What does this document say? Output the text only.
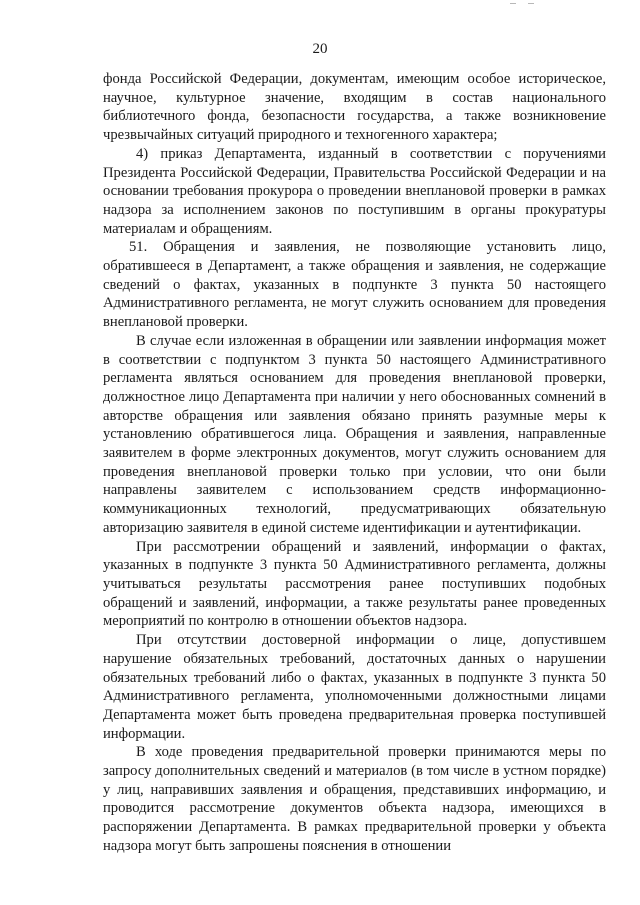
20

фонда Российской Федерации, документам, имеющим особое историческое, научное, культурное значение, входящим в состав национального библиотечного фонда, безопасности государства, а также возникновение чрезвычайных ситуаций природного и техногенного характера;

4) приказ Департамента, изданный в соответствии с поручениями Президента Российской Федерации, Правительства Российской Федерации и на основании требования прокурора о проведении внеплановой проверки в рамках надзора за исполнением законов по поступившим в органы прокуратуры материалам и обращениям.

51. Обращения и заявления, не позволяющие установить лицо, обратившееся в Департамент, а также обращения и заявления, не содержащие сведений о фактах, указанных в подпункте 3 пункта 50 настоящего Административного регламента, не могут служить основанием для проведения внеплановой проверки.

В случае если изложенная в обращении или заявлении информация может в соответствии с подпунктом 3 пункта 50 настоящего Административного регламента являться основанием для проведения внеплановой проверки, должностное лицо Департамента при наличии у него обоснованных сомнений в авторстве обращения или заявления обязано принять разумные меры к установлению обратившегося лица. Обращения и заявления, направленные заявителем в форме электронных документов, могут служить основанием для проведения внеплановой проверки только при условии, что они были направлены заявителем с использованием средств информационно-коммуникационных технологий, предусматривающих обязательную авторизацию заявителя в единой системе идентификации и аутентификации.

При рассмотрении обращений и заявлений, информации о фактах, указанных в подпункте 3 пункта 50 Административного регламента, должны учитываться результаты рассмотрения ранее поступивших подобных обращений и заявлений, информации, а также результаты ранее проведенных мероприятий по контролю в отношении объектов надзора.

При отсутствии достоверной информации о лице, допустившем нарушение обязательных требований, достаточных данных о нарушении обязательных требований либо о фактах, указанных в подпункте 3 пункта 50 Административного регламента, уполномоченными должностными лицами Департамента может быть проведена предварительная проверка поступившей информации.

В ходе проведения предварительной проверки принимаются меры по запросу дополнительных сведений и материалов (в том числе в устном порядке) у лиц, направивших заявления и обращения, представивших информацию, и проводится рассмотрение документов объекта надзора, имеющихся в распоряжении Департамента. В рамках предварительной проверки у объекта надзора могут быть запрошены пояснения в отношении
